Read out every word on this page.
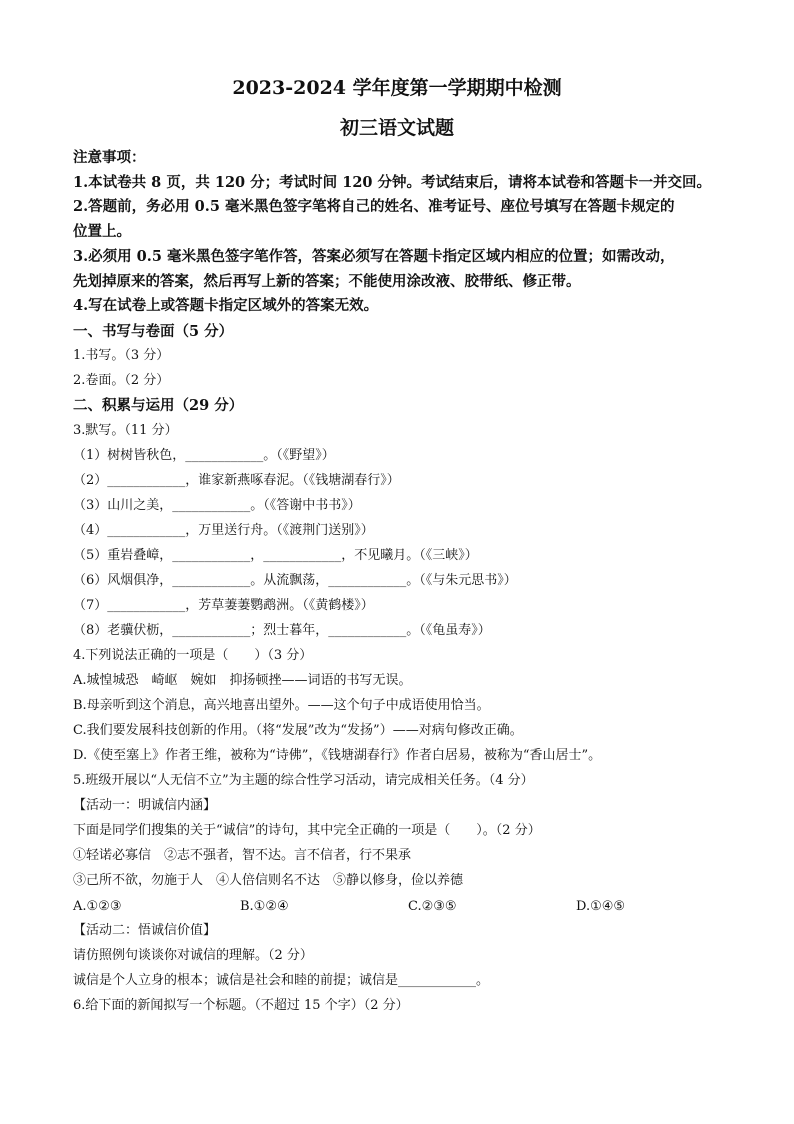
2023-2024 学年度第一学期期中检测
初三语文试题
注意事项：
1.本试卷共 8 页，共 120 分；考试时间 120 分钟。考试结束后，请将本试卷和答题卡一并交回。
2.答题前，务必用 0.5 毫米黑色签字笔将自己的姓名、准考证号、座位号填写在答题卡规定的
位置上。
3.必须用 0.5 毫米黑色签字笔作答，答案必须写在答题卡指定区域内相应的位置；如需改动，
先划掉原来的答案，然后再写上新的答案；不能使用涂改液、胶带纸、修正带。
4.写在试卷上或答题卡指定区域外的答案无效。
一、书写与卷面（5 分）
1.书写。（3 分）
2.卷面。（2 分）
二、积累与运用（29 分）
3.默写。（11 分）
（1）树树皆秋色，____________。（《野望》）
（2）____________，谁家新燕啄春泥。（《钱塘湖春行》）
（3）山川之美，____________。（《答谢中书书》）
（4）____________，万里送行舟。（《渡荆门送别》）
（5）重岩叠嶂，____________，____________，不见曦月。（《三峡》）
（6）风烟俱净，____________。从流飘荡，____________。（《与朱元思书》）
（7）____________，芳草萋萋鹦鹉洲。（《黄鹤楼》）
（8）老骥伏枥，____________；烈士暮年，____________。（《龟虽寿》）
4.下列说法正确的一项是（　　）（3 分）
A.城惶城恐　崎岖　婉如　抑扬顿挫——词语的书写无误。
B.母亲听到这个消息，高兴地喜出望外。——这个句子中成语使用恰当。
C.我们要发展科技创新的作用。（将“发展”改为“发扬”）——对病句修改正确。
D.《使至塞上》作者王维，被称为“诗佛”，《钱塘湖春行》作者白居易，被称为“香山居士”。
5.班级开展以“人无信不立”为主题的综合性学习活动，请完成相关任务。（4 分）
【活动一：明诚信内涵】
下面是同学们搜集的关于“诚信”的诗句，其中完全正确的一项是（　　）。（2 分）
①轻诺必寡信　②志不强者，智不达。言不信者，行不果承
③己所不欲，勿施于人　④人倍信则名不达　⑤静以修身，俭以养德
A.①②③	B.①②④	C.②③⑤	D.①④⑤
【活动二：悟诚信价值】
请仿照例句谈谈你对诚信的理解。（2 分）
诚信是个人立身的根本；诚信是社会和睦的前提；诚信是____________。
6.给下面的新闻拟写一个标题。（不超过 15 个字）（2 分）
